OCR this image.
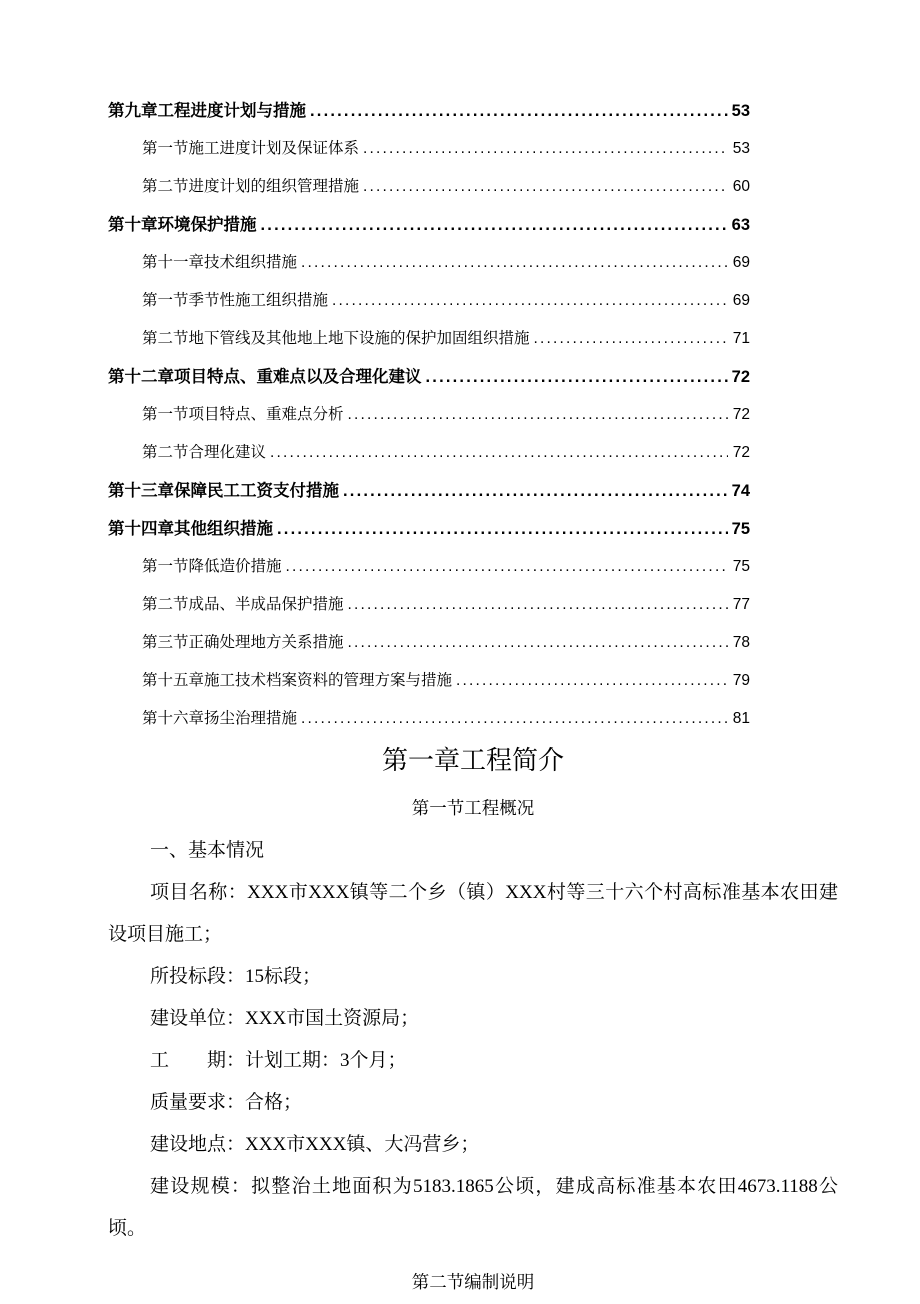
第九章工程进度计划与措施 .....	53
第一节施工进度计划及保证体系 .....	53
第二节进度计划的组织管理措施 .....	60
第十章环境保护措施 .....	63
第十一章技术组织措施 .....	69
第一节季节性施工组织措施 .....	69
第二节地下管线及其他地上地下设施的保护加固组织措施 .....	71
第十二章项目特点、重难点以及合理化建议 .....	72
第一节项目特点、重难点分析 .....	72
第二节合理化建议 .....	72
第十三章保障民工工资支付措施 .....	74
第十四章其他组织措施 .....	75
第一节降低造价措施 .....	75
第二节成品、半成品保护措施 .....	77
第三节正确处理地方关系措施 .....	78
第十五章施工技术档案资料的管理方案与措施 .....	79
第十六章扬尘治理措施 .....	81
第一章工程简介
第一节工程概况
一、基本情况
项目名称：XXX市XXX镇等二个乡（镇）XXX村等三十六个村高标准基本农田建设项目施工；
所投标段：15标段；
建设单位：XXX市国土资源局；
工　　期：计划工期：3个月；
质量要求：合格；
建设地点：XXX市XXX镇、大冯营乡；
建设规模：拟整治土地面积为5183.1865公顷，建成高标准基本农田4673.1188公顷。
第二节编制说明
